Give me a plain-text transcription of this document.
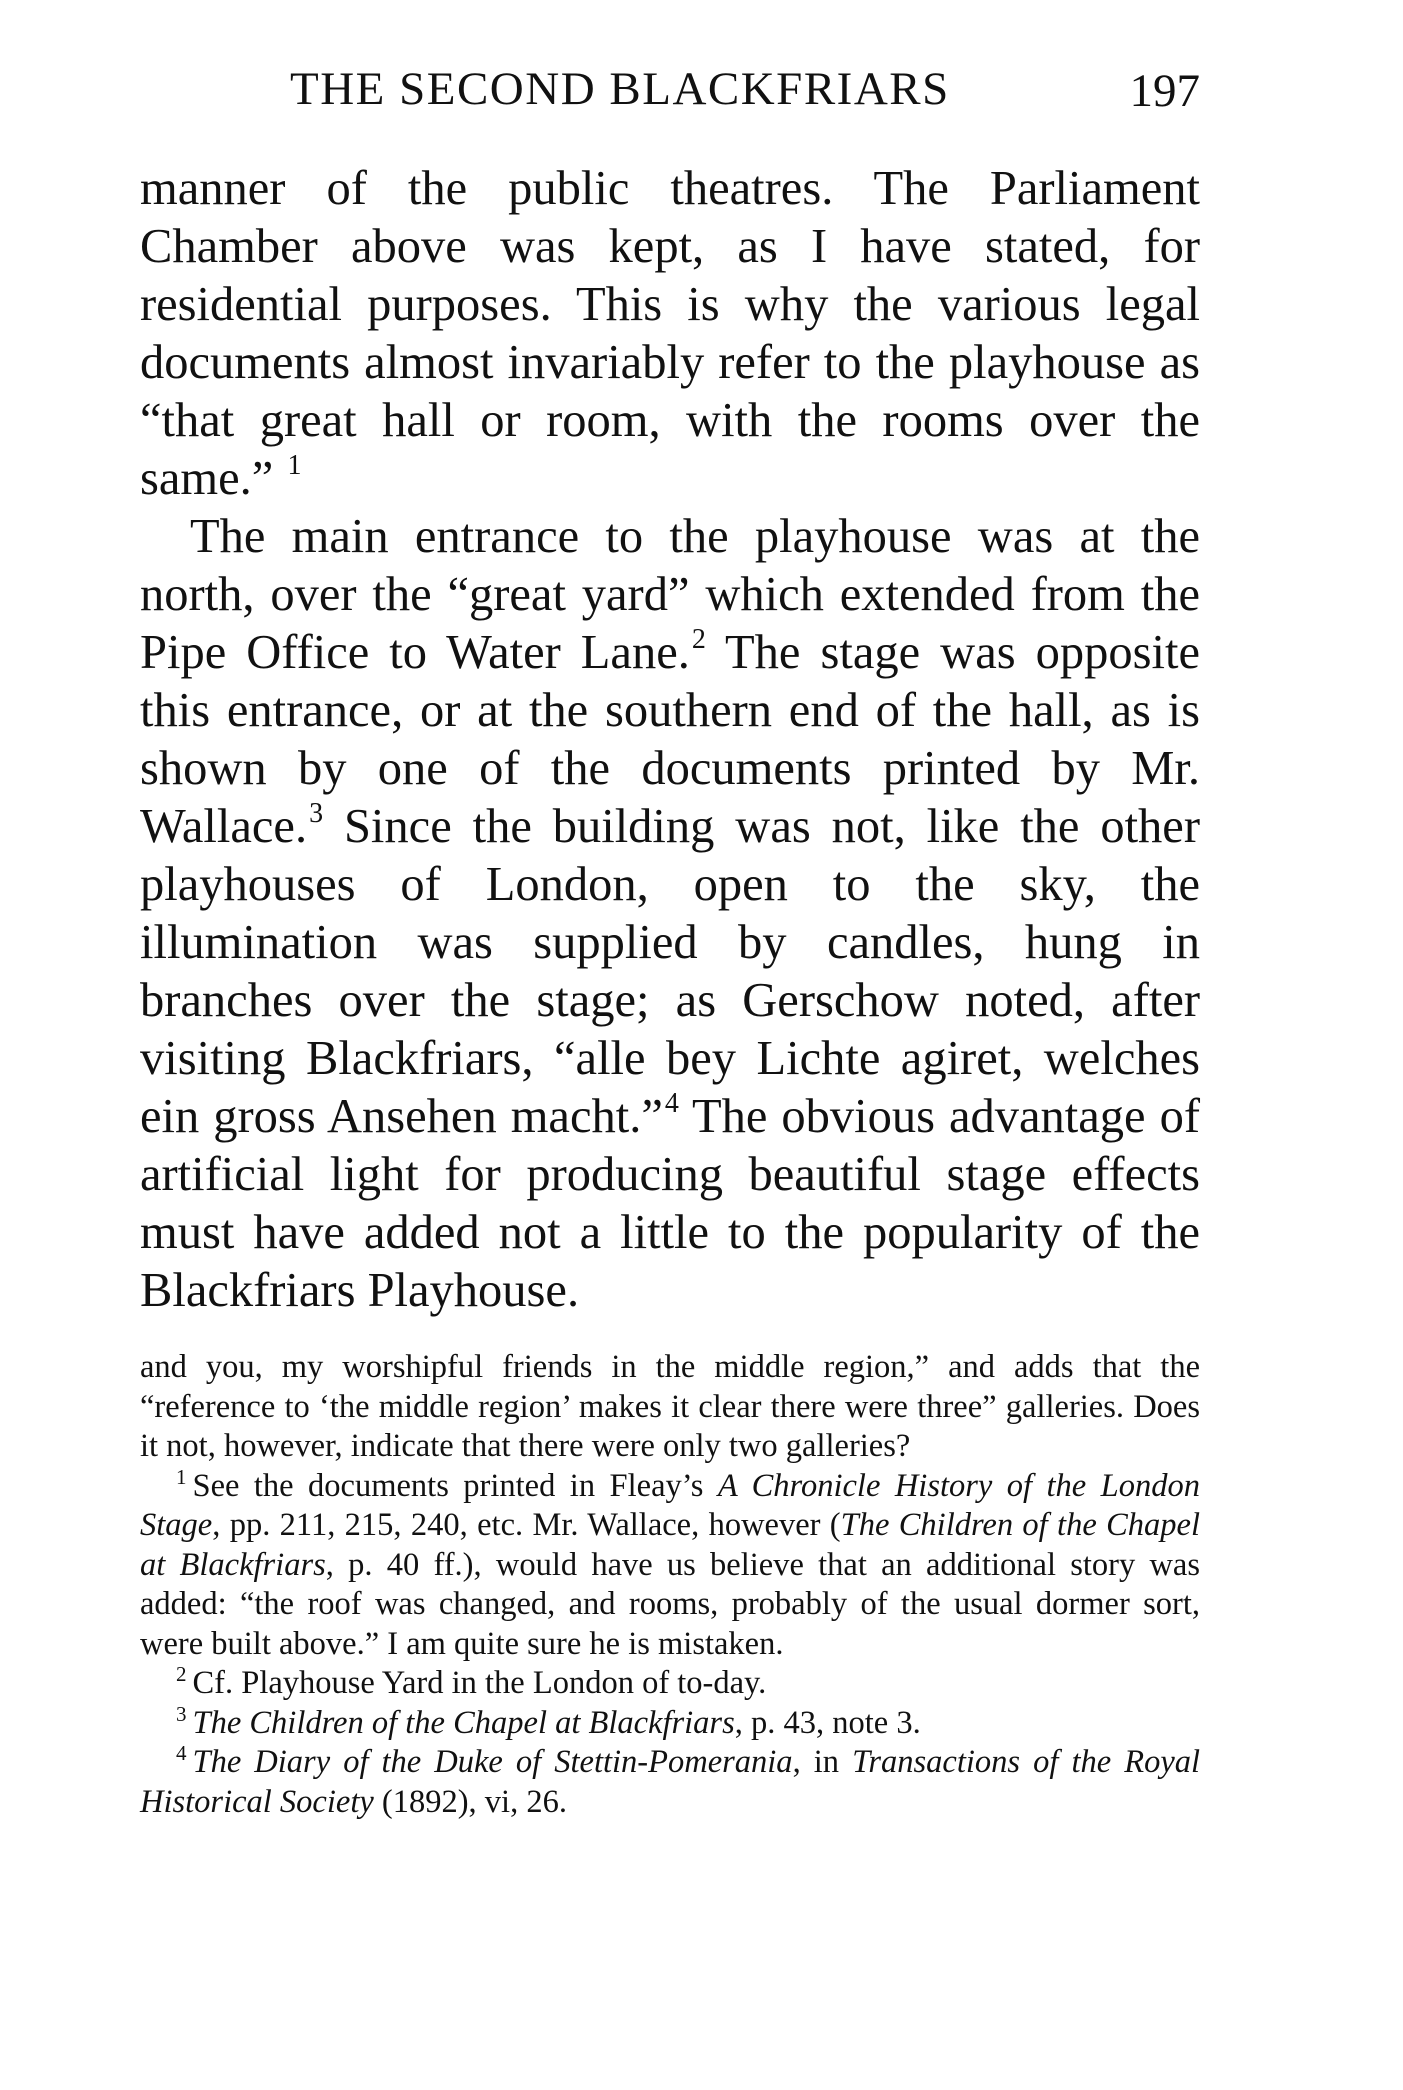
THE SECOND BLACKFRIARS	197

manner of the public theatres. The Parliament Chamber above was kept, as I have stated, for residential purposes. This is why the various legal documents almost invariably refer to the playhouse as “that great hall or room, with the rooms over the same.” $^1$

The main entrance to the playhouse was at the north, over the “great yard” which extended from the Pipe Office to Water Lane.$^2$ The stage was opposite this entrance, or at the southern end of the hall, as is shown by one of the documents printed by Mr. Wallace.$^3$ Since the building was not, like the other playhouses of London, open to the sky, the illumination was supplied by candles, hung in branches over the stage; as Gerschow noted, after visiting Blackfriars, “alle bey Lichte agiret, welches ein gross Ansehen macht.”$^4$ The obvious advantage of artificial light for producing beautiful stage effects must have added not a little to the popularity of the Blackfriars Playhouse.

and you, my worshipful friends in the middle region,” and adds that the “reference to ‘the middle region’ makes it clear there were three” galleries. Does it not, however, indicate that there were only two galleries?

$^1$ See the documents printed in Fleay’s A Chronicle History of the London Stage, pp. 211, 215, 240, etc. Mr. Wallace, however (The Children of the Chapel at Blackfriars, p. 40 ff.), would have us believe that an additional story was added: “the roof was changed, and rooms, probably of the usual dormer sort, were built above.” I am quite sure he is mistaken.

$^2$ Cf. Playhouse Yard in the London of to-day.

$^3$ The Children of the Chapel at Blackfriars, p. 43, note 3.

$^4$ The Diary of the Duke of Stettin-Pomerania, in Transactions of the Royal Historical Society (1892), vi, 26.
